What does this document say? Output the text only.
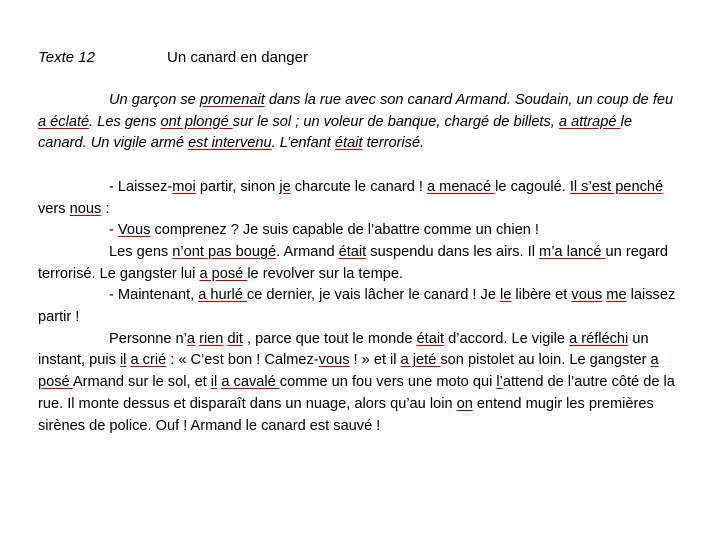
Texte 12	Un canard en danger

Un garçon se promenait dans la rue avec son canard Armand. Soudain, un coup de feu a éclaté. Les gens ont plongé sur le sol ; un voleur de banque, chargé de billets, a attrapé le canard. Un vigile armé est intervenu. L’enfant était terrorisé.

- Laissez-moi partir, sinon je charcute le canard ! a menacé le cagoulé. Il s’est penché vers nous :

- Vous comprenez ? Je suis capable de l’abattre comme un chien !

Les gens n’ont pas bougé. Armand était suspendu dans les airs. Il m’a lancé un regard terrorisé. Le gangster lui a posé le revolver sur la tempe.

- Maintenant, a hurlé ce dernier, je vais lâcher le canard ! Je le libère et vous me laissez partir !

Personne n’a rien dit , parce que tout le monde était d’accord. Le vigile a réfléchi un instant, puis il a crié : « C’est bon ! Calmez-vous ! » et il a jeté son pistolet au loin. Le gangster a posé Armand sur le sol, et il a cavalé comme un fou vers une moto qui l’attend de l’autre côté de la rue. Il monte dessus et disparaît dans un nuage, alors qu’au loin on entend mugir les premières sirènes de police. Ouf ! Armand le canard est sauvé !
